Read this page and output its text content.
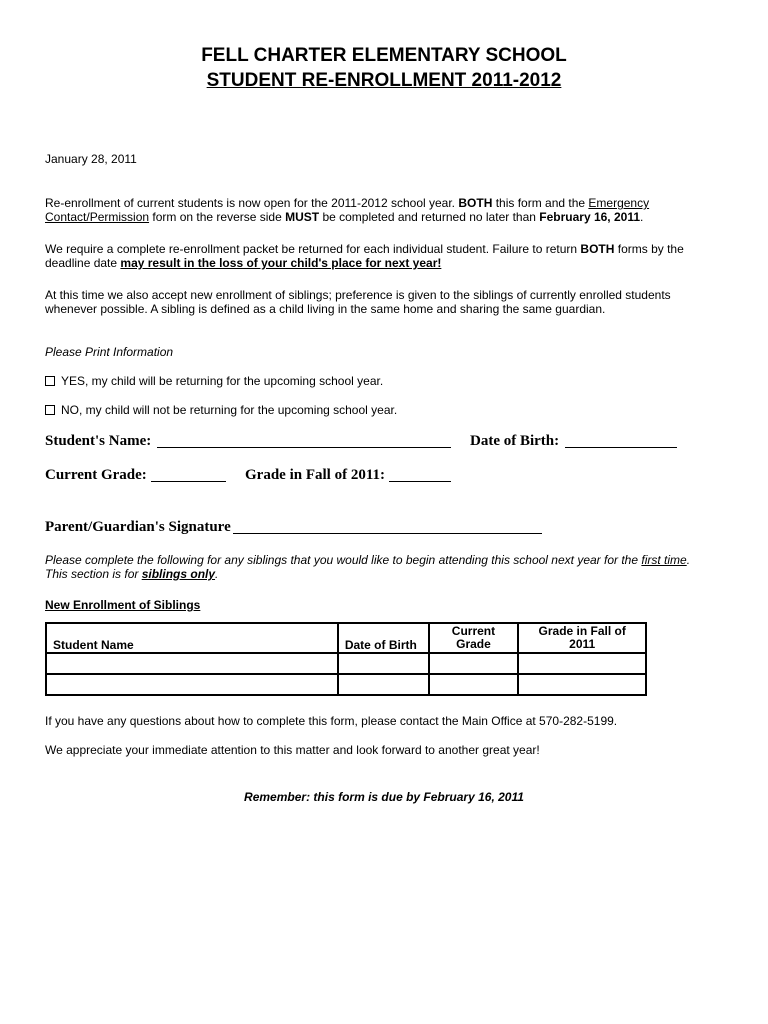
FELL CHARTER ELEMENTARY SCHOOL
STUDENT RE-ENROLLMENT 2011-2012
January 28, 2011
Re-enrollment of current students is now open for the 2011-2012 school year. BOTH this form and the Emergency Contact/Permission form on the reverse side MUST be completed and returned no later than February 16, 2011.
We require a complete re-enrollment packet be returned for each individual student. Failure to return BOTH forms by the deadline date may result in the loss of your child's place for next year!
At this time we also accept new enrollment of siblings; preference is given to the siblings of currently enrolled students whenever possible. A sibling is defined as a child living in the same home and sharing the same guardian.
Please Print Information
YES, my child will be returning for the upcoming school year.
NO, my child will not be returning for the upcoming school year.
Student's Name:	Date of Birth:
Current Grade:	Grade in Fall of 2011:
Parent/Guardian's Signature
Please complete the following for any siblings that you would like to begin attending this school next year for the first time.
This section is for siblings only.
New Enrollment of Siblings
Student Name	Date of Birth	Current Grade	Grade in Fall of 2011

If you have any questions about how to complete this form, please contact the Main Office at 570-282-5199.
We appreciate your immediate attention to this matter and look forward to another great year!
Remember: this form is due by February 16, 2011
